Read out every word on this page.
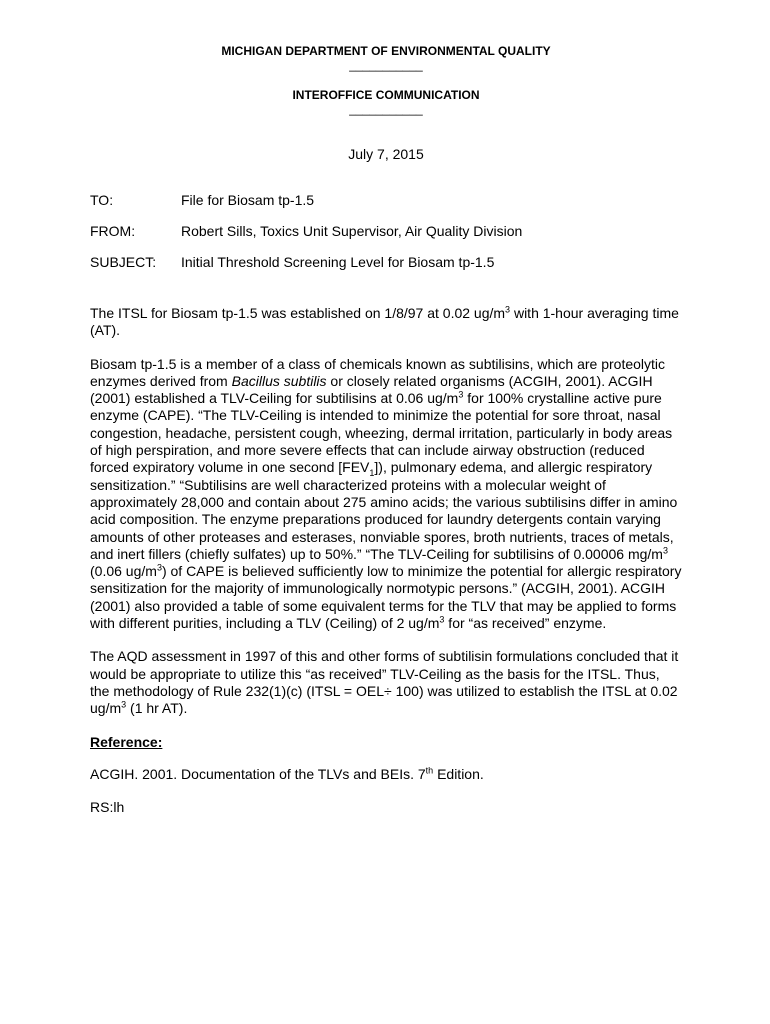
MICHIGAN DEPARTMENT OF ENVIRONMENTAL QUALITY
___________
INTEROFFICE COMMUNICATION
___________
July 7, 2015
TO:	File for Biosam tp-1.5
FROM:	Robert Sills, Toxics Unit Supervisor, Air Quality Division
SUBJECT:	Initial Threshold Screening Level for Biosam tp-1.5

The ITSL for Biosam tp-1.5 was established on 1/8/97 at 0.02 $ug/m^3$ with 1-hour averaging time (AT).

Biosam tp-1.5 is a member of a class of chemicals known as subtilisins, which are proteolytic enzymes derived from Bacillus subtilis or closely related organisms (ACGIH, 2001). ACGIH (2001) established a TLV-Ceiling for subtilisins at 0.06 $ug/m^3$ for 100% crystalline active pure enzyme (CAPE). “The TLV-Ceiling is intended to minimize the potential for sore throat, nasal congestion, headache, persistent cough, wheezing, dermal irritation, particularly in body areas of high perspiration, and more severe effects that can include airway obstruction (reduced forced expiratory volume in one second $[FEV_1]$), pulmonary edema, and allergic respiratory sensitization.” “Subtilisins are well characterized proteins with a molecular weight of approximately 28,000 and contain about 275 amino acids; the various subtilisins differ in amino acid composition. The enzyme preparations produced for laundry detergents contain varying amounts of other proteases and esterases, nonviable spores, broth nutrients, traces of metals, and inert fillers (chiefly sulfates) up to 50%.” “The TLV-Ceiling for subtilisins of 0.00006 $mg/m^3$ (0.06 $ug/m^3$) of CAPE is believed sufficiently low to minimize the potential for allergic respiratory sensitization for the majority of immunologically normotypic persons.” (ACGIH, 2001). ACGIH (2001) also provided a table of some equivalent terms for the TLV that may be applied to forms with different purities, including a TLV (Ceiling) of 2 $ug/m^3$ for “as received” enzyme.

The AQD assessment in 1997 of this and other forms of subtilisin formulations concluded that it would be appropriate to utilize this “as received” TLV-Ceiling as the basis for the ITSL. Thus, the methodology of Rule 232(1)(c) (ITSL = OEL÷ 100) was utilized to establish the ITSL at 0.02 $ug/m^3$ (1 hr AT).

Reference:

ACGIH. 2001. Documentation of the TLVs and BEIs. 7th Edition.

RS:lh
